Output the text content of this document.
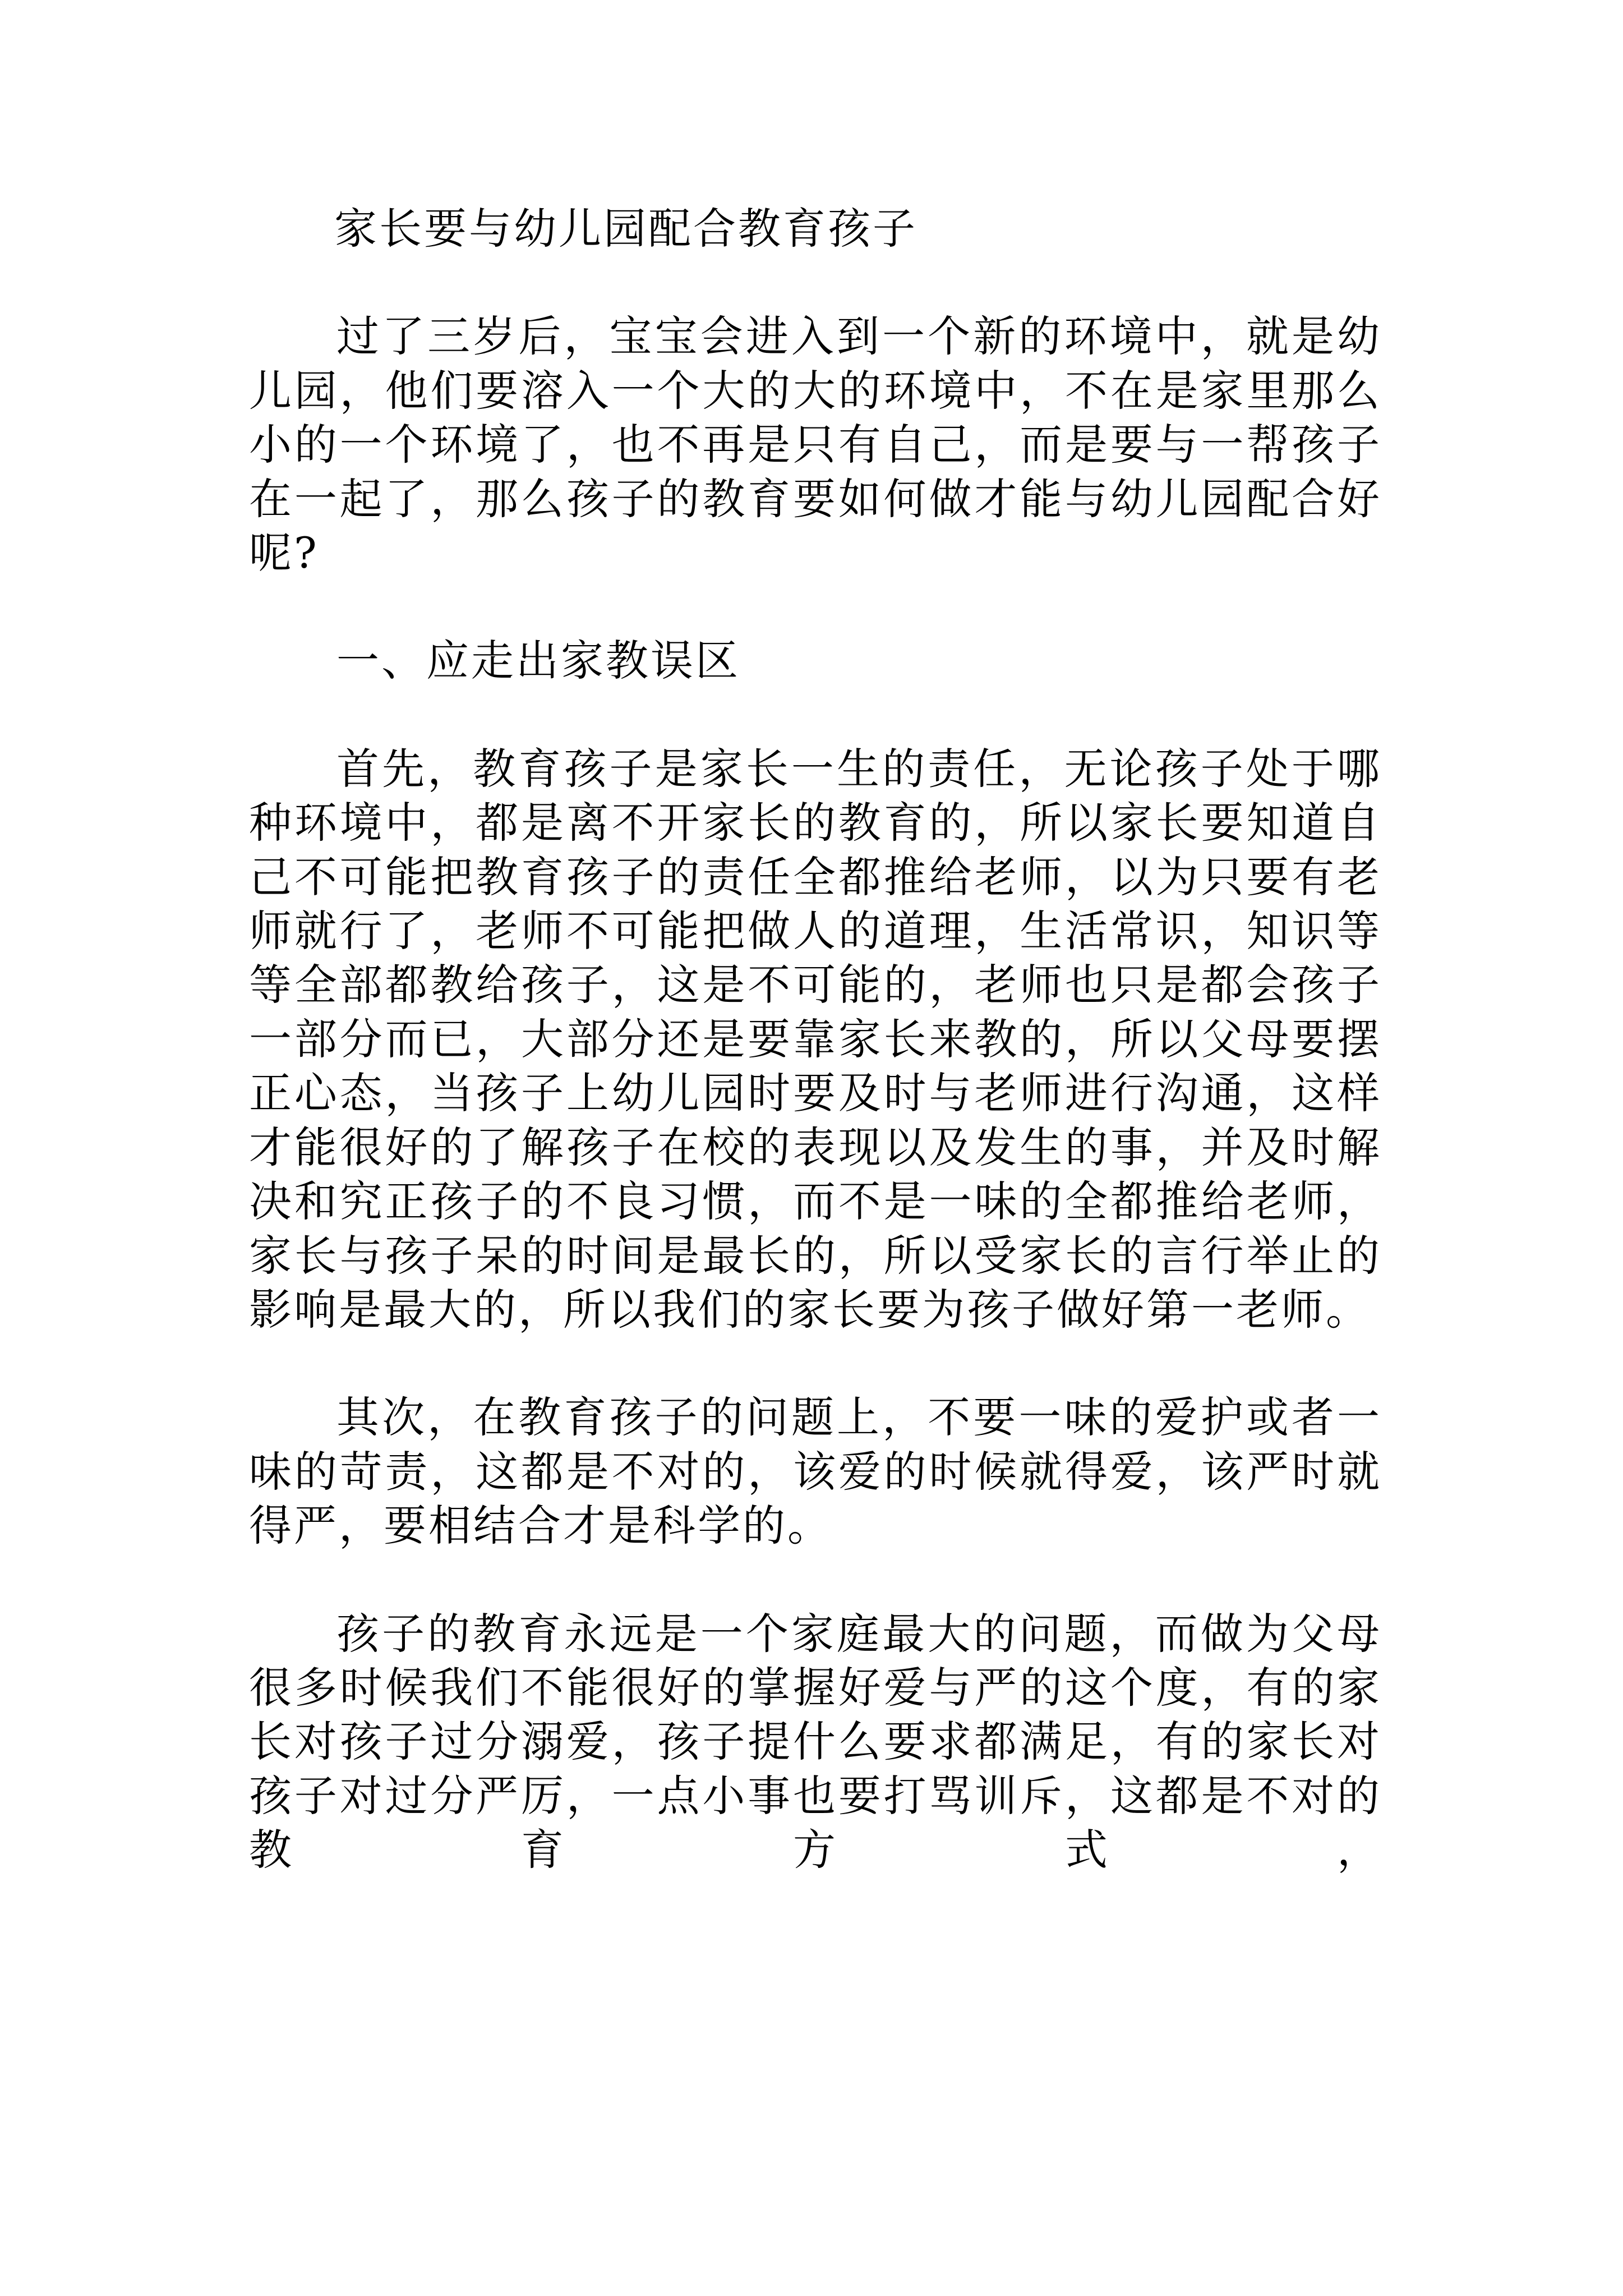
家长要与幼儿园配合教育孩子

过了三岁后，宝宝会进入到一个新的环境中，就是幼儿园，他们要溶入一个大的大的环境中，不在是家里那么小的一个环境了，也不再是只有自己，而是要与一帮孩子在一起了，那么孩子的教育要如何做才能与幼儿园配合好呢?

一、应走出家教误区

首先，教育孩子是家长一生的责任，无论孩子处于哪种环境中，都是离不开家长的教育的，所以家长要知道自己不可能把教育孩子的责任全都推给老师，以为只要有老师就行了，老师不可能把做人的道理，生活常识，知识等等全部都教给孩子，这是不可能的，老师也只是都会孩子一部分而已，大部分还是要靠家长来教的，所以父母要摆正心态，当孩子上幼儿园时要及时与老师进行沟通，这样才能很好的了解孩子在校的表现以及发生的事，并及时解决和究正孩子的不良习惯，而不是一味的全都推给老师，家长与孩子呆的时间是最长的，所以受家长的言行举止的影响是最大的，所以我们的家长要为孩子做好第一老师。

其次，在教育孩子的问题上，不要一味的爱护或者一味的苛责，这都是不对的，该爱的时候就得爱，该严时就得严，要相结合才是科学的。

孩子的教育永远是一个家庭最大的问题，而做为父母很多时候我们不能很好的掌握好爱与严的这个度，有的家长对孩子过分溺爱，孩子提什么要求都满足，有的家长对孩子对过分严厉，一点小事也要打骂训斥，这都是不对的教育方式，
